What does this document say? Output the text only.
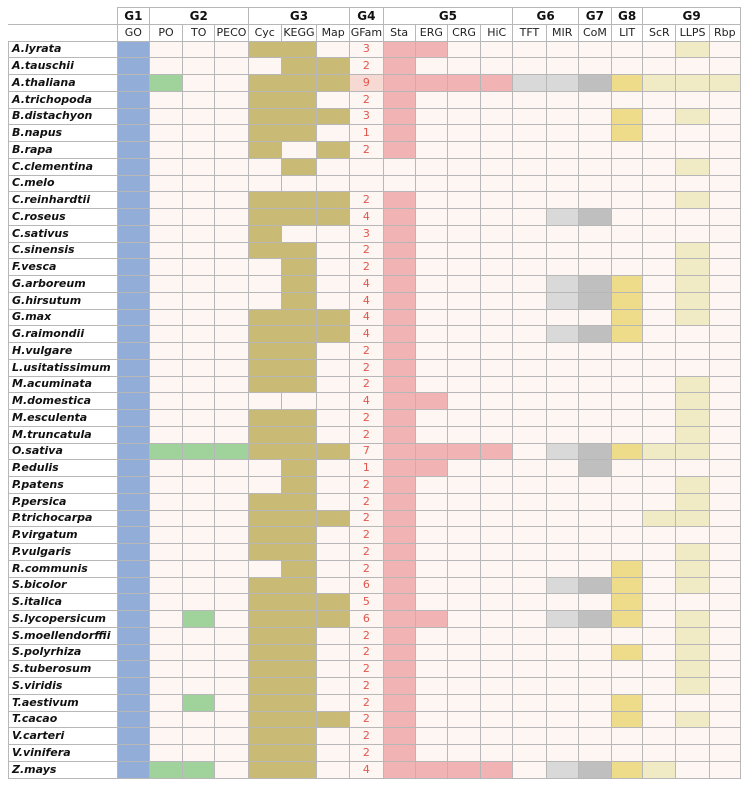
	G1	G2			G3			G4	G5				G6		G7	G8	G9		
	GO	PO	TO	PECO	Cyc	KEGG	Map	GFam	Sta	ERG	CRG	HiC	TFT	MIR	CoM	LIT	ScR	LLPS	Rbp
A.lyrata								3											
A.tauschii								2											
A.thaliana								9											
A.trichopoda								2											
B.distachyon								3											
B.napus								1											
B.rapa								2											
C.clementina																			
C.melo																			
C.reinhardtii								2											
C.roseus								4											
C.sativus								3											
C.sinensis								2											
F.vesca								2											
G.arboreum								4											
G.hirsutum								4											
G.max								4											
G.raimondii								4											
H.vulgare								2											
L.usitatissimum								2											
M.acuminata								2											
M.domestica								4											
M.esculenta								2											
M.truncatula								2											
O.sativa								7											
P.edulis								1											
P.patens								2											
P.persica								2											
P.trichocarpa								2											
P.virgatum								2											
P.vulgaris								2											
R.communis								2											
S.bicolor								6											
S.italica								5											
S.lycopersicum								6											
S.moellendorffii								2											
S.polyrhiza								2											
S.tuberosum								2											
S.viridis								2											
T.aestivum								2											
T.cacao								2											
V.carteri								2											
V.vinifera								2											
Z.mays								4											
